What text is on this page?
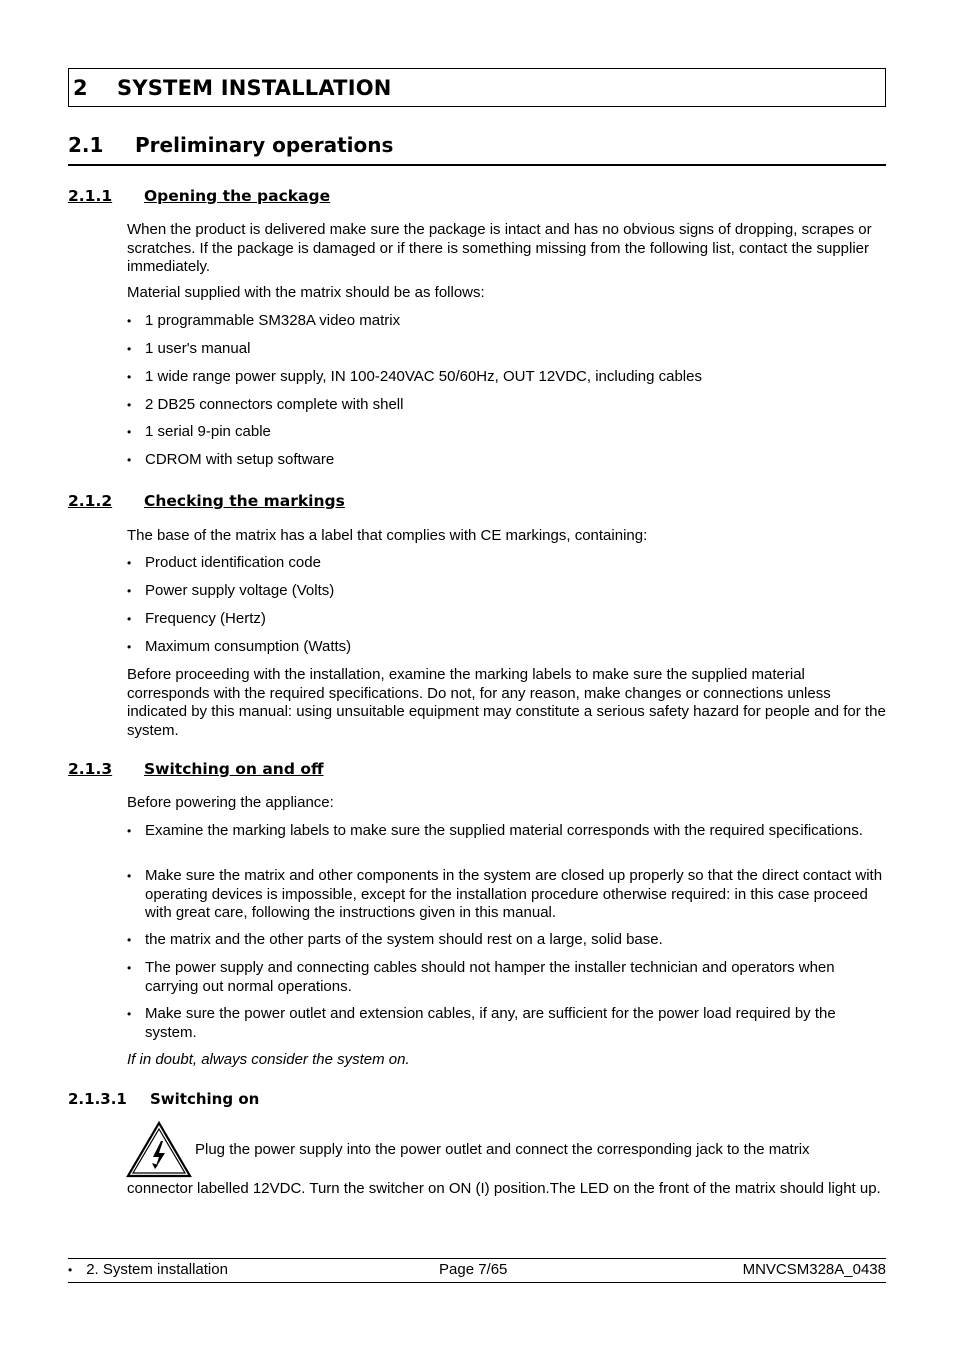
2 SYSTEM INSTALLATION
2.1 Preliminary operations
2.1.1 Opening the package
When the product is delivered make sure the package is intact and has no obvious signs of dropping, scrapes or scratches. If the package is damaged or if there is something missing from the following list, contact the supplier immediately.
Material supplied with the matrix should be as follows:
• 1 programmable SM328A video matrix
• 1 user's manual
• 1 wide range power supply, IN 100-240VAC 50/60Hz, OUT 12VDC, including cables
• 2 DB25 connectors complete with shell
• 1 serial 9-pin cable
• CDROM with setup software
2.1.2 Checking the markings
The base of the matrix has a label that complies with CE markings, containing:
• Product identification code
• Power supply voltage (Volts)
• Frequency (Hertz)
• Maximum consumption (Watts)
Before proceeding with the installation, examine the marking labels to make sure the supplied material corresponds with the required specifications. Do not, for any reason, make changes or connections unless indicated by this manual: using unsuitable equipment may constitute a serious safety hazard for people and for the system.
2.1.3 Switching on and off
Before powering the appliance:
• Examine the marking labels to make sure the supplied material corresponds with the required specifications.
• Make sure the matrix and other components in the system are closed up properly so that the direct contact with operating devices is impossible, except for the installation procedure otherwise required: in this case proceed with great care, following the instructions given in this manual.
• the matrix and the other parts of the system should rest on a large, solid base.
• The power supply and connecting cables should not hamper the installer technician and operators when carrying out normal operations.
• Make sure the power outlet and extension cables, if any, are sufficient for the power load required by the system.
If in doubt, always consider the system on.
2.1.3.1 Switching on
Plug the power supply into the power outlet and connect the corresponding jack to the matrix
connector labelled 12VDC. Turn the switcher on ON (I) position.The LED on the front of the matrix should light up.
• 2. System installation	Page 7/65	MNVCSM328A_0438
